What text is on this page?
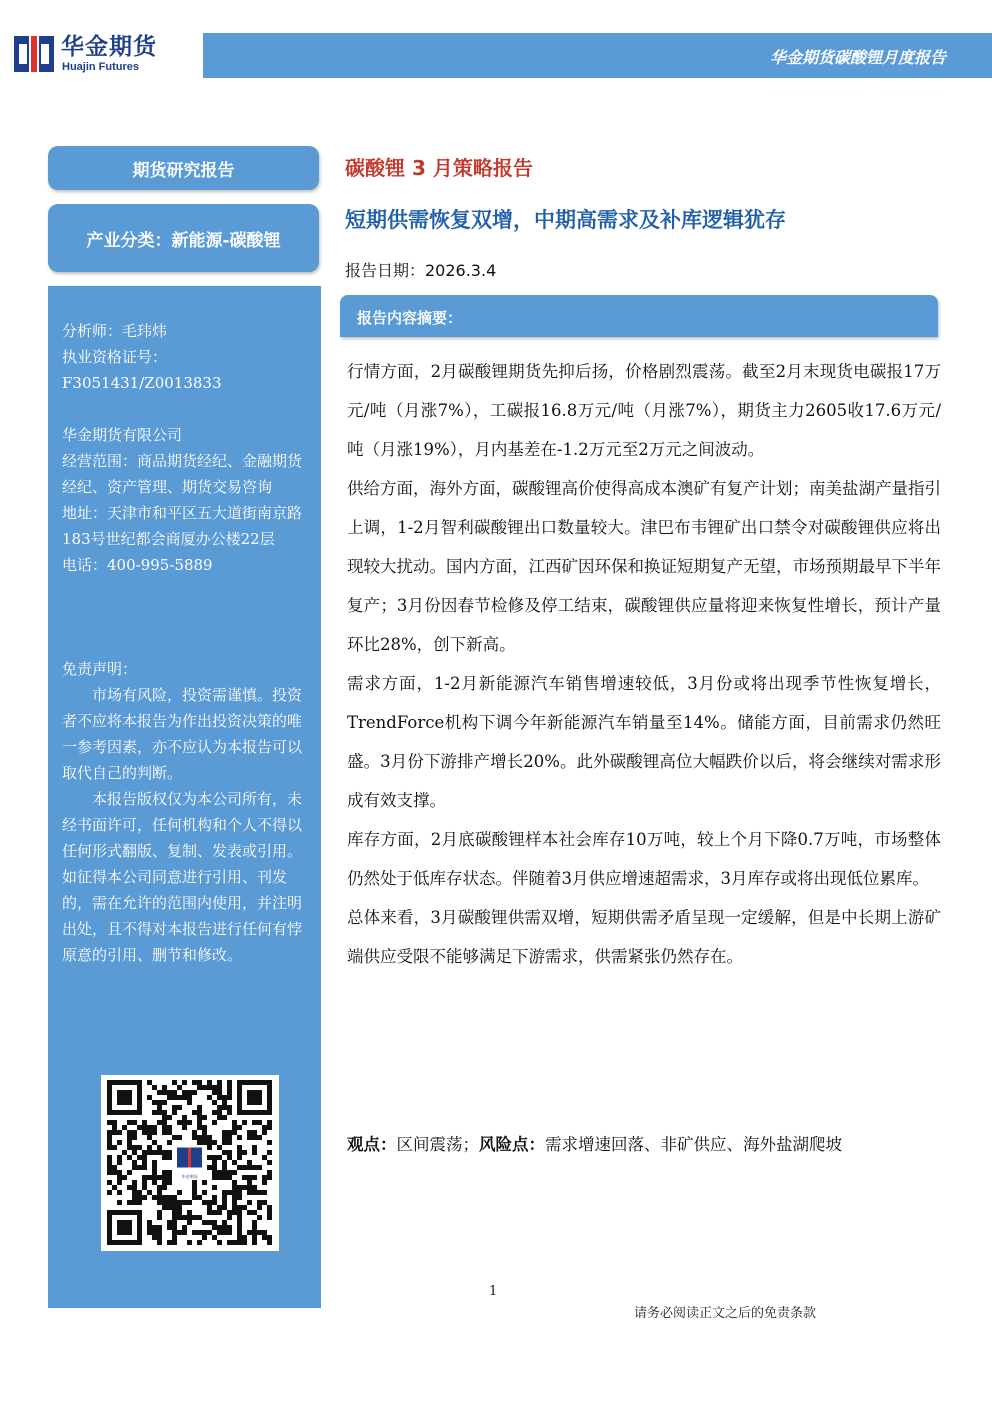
华金期货
Huajin Futures	华金期货碳酸锂月度报告
期货研究报告
产业分类：新能源-碳酸锂

分析师：毛玮炜

执业资格证号：

F3051431/Z0013833

华金期货有限公司

经营范围：商品期货经纪、金融期货经纪、资产管理、期货交易咨询

地址：天津市和平区五大道街南京路183号世纪都会商厦办公楼22层

电话：400-995-5889

免责声明：

市场有风险，投资需谨慎。投资者不应将本报告为作出投资决策的唯一参考因素，亦不应认为本报告可以取代自己的判断。

本报告版权仅为本公司所有，未经书面许可，任何机构和个人不得以任何形式翻版、复制、发表或引用。如征得本公司同意进行引用、刊发的，需在允许的范围内使用，并注明出处，且不得对本报告进行任何有悖原意的引用、删节和修改。

华金期货
碳酸锂 3 月策略报告
短期供需恢复双增，中期高需求及补库逻辑犹存
报告日期：2026.3.4
报告内容摘要：

行情方面，2月碳酸锂期货先抑后扬，价格剧烈震荡。截至2月末现货电碳报17万元/吨（月涨7%），工碳报16.8万元/吨（月涨7%），期货主力2605收17.6万元/吨（月涨19%），月内基差在-1.2万元至2万元之间波动。

供给方面，海外方面，碳酸锂高价使得高成本澳矿有复产计划；南美盐湖产量指引上调，1-2月智利碳酸锂出口数量较大。津巴布韦锂矿出口禁令对碳酸锂供应将出现较大扰动。国内方面，江西矿因环保和换证短期复产无望，市场预期最早下半年复产；3月份因春节检修及停工结束，碳酸锂供应量将迎来恢复性增长，预计产量环比28%，创下新高。

需求方面，1-2月新能源汽车销售增速较低，3月份或将出现季节性恢复增长，TrendForce机构下调今年新能源汽车销量至14%。储能方面，目前需求仍然旺盛。3月份下游排产增长20%。此外碳酸锂高位大幅跌价以后，将会继续对需求形成有效支撑。

库存方面，2月底碳酸锂样本社会库存10万吨，较上个月下降0.7万吨，市场整体仍然处于低库存状态。伴随着3月供应增速超需求，3月库存或将出现低位累库。

总体来看，3月碳酸锂供需双增，短期供需矛盾呈现一定缓解，但是中长期上游矿端供应受限不能够满足下游需求，供需紧张仍然存在。

观点：区间震荡；风险点：需求增速回落、非矿供应、海外盐湖爬坡
1
请务必阅读正文之后的免责条款
